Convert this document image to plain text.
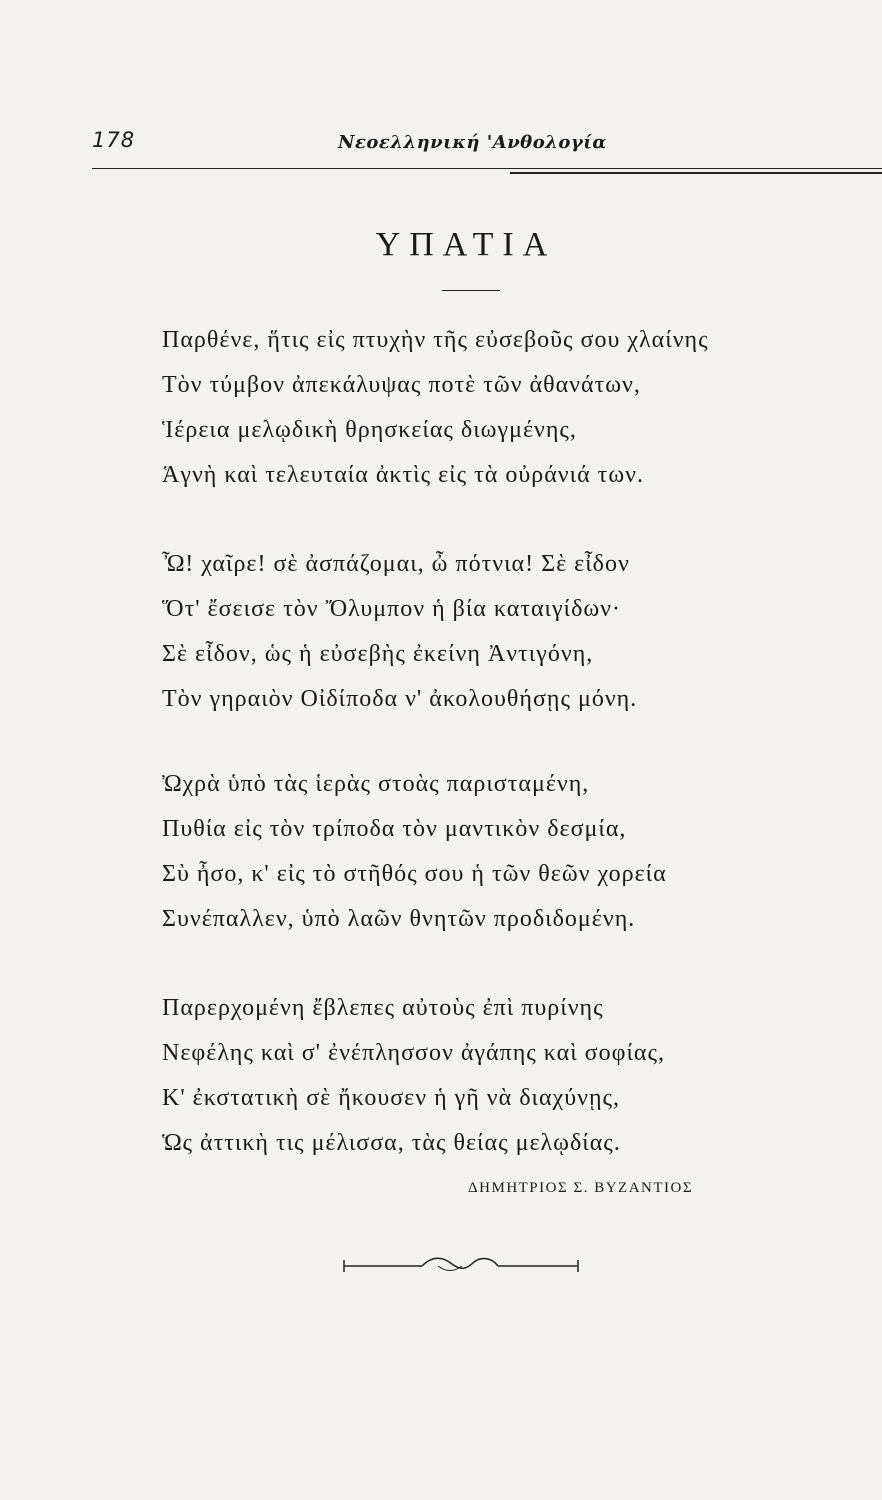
178	Νεοελληνική 'Ανθολογία
ΥΠΑΤΙΑ
Παρθένε, ἥτις εἰς πτυχὴν τῆς εὐσεβοῦς σου χλαίνης
Τὸν τύμβον ἀπεκάλυψας ποτὲ τῶν ἀθανάτων,
Ἱέρεια μελῳδικὴ θρησκείας διωγμένης,
Ἁγνὴ καὶ τελευταία ἀκτὶς εἰς τὰ οὐράνιά των.
Ὦ! χαῖρε! σὲ ἀσπάζομαι, ὦ πότνια! Σὲ εἶδον
Ὅτ' ἔσεισε τὸν Ὄλυμπον ἡ βία καταιγίδων·
Σὲ εἶδον, ὡς ἡ εὐσεβὴς ἐκείνη Ἀντιγόνη,
Τὸν γηραιὸν Οἰδίποδα ν' ἀκολουθήσῃς μόνη.
Ὠχρὰ ὑπὸ τὰς ἱερὰς στοὰς παρισταμένη,
Πυθία εἰς τὸν τρίποδα τὸν μαντικὸν δεσμία,
Σὺ ἦσο, κ' εἰς τὸ στῆθός σου ἡ τῶν θεῶν χορεία
Συνέπαλλεν, ὑπὸ λαῶν θνητῶν προδιδομένη.
Παρερχομένη ἔβλεπες αὐτοὺς ἐπὶ πυρίνης
Νεφέλης καὶ σ' ἐνέπλησσον ἀγάπης καὶ σοφίας,
Κ' ἐκστατικὴ σὲ ἤκουσεν ἡ γῆ νὰ διαχύνῃς,
Ὡς ἀττικὴ τις μέλισσα, τὰς θείας μελῳδίας.
ΔΗΜΗΤΡΙΟΣ Σ. ΒΥΖΑΝΤΙΟΣ
